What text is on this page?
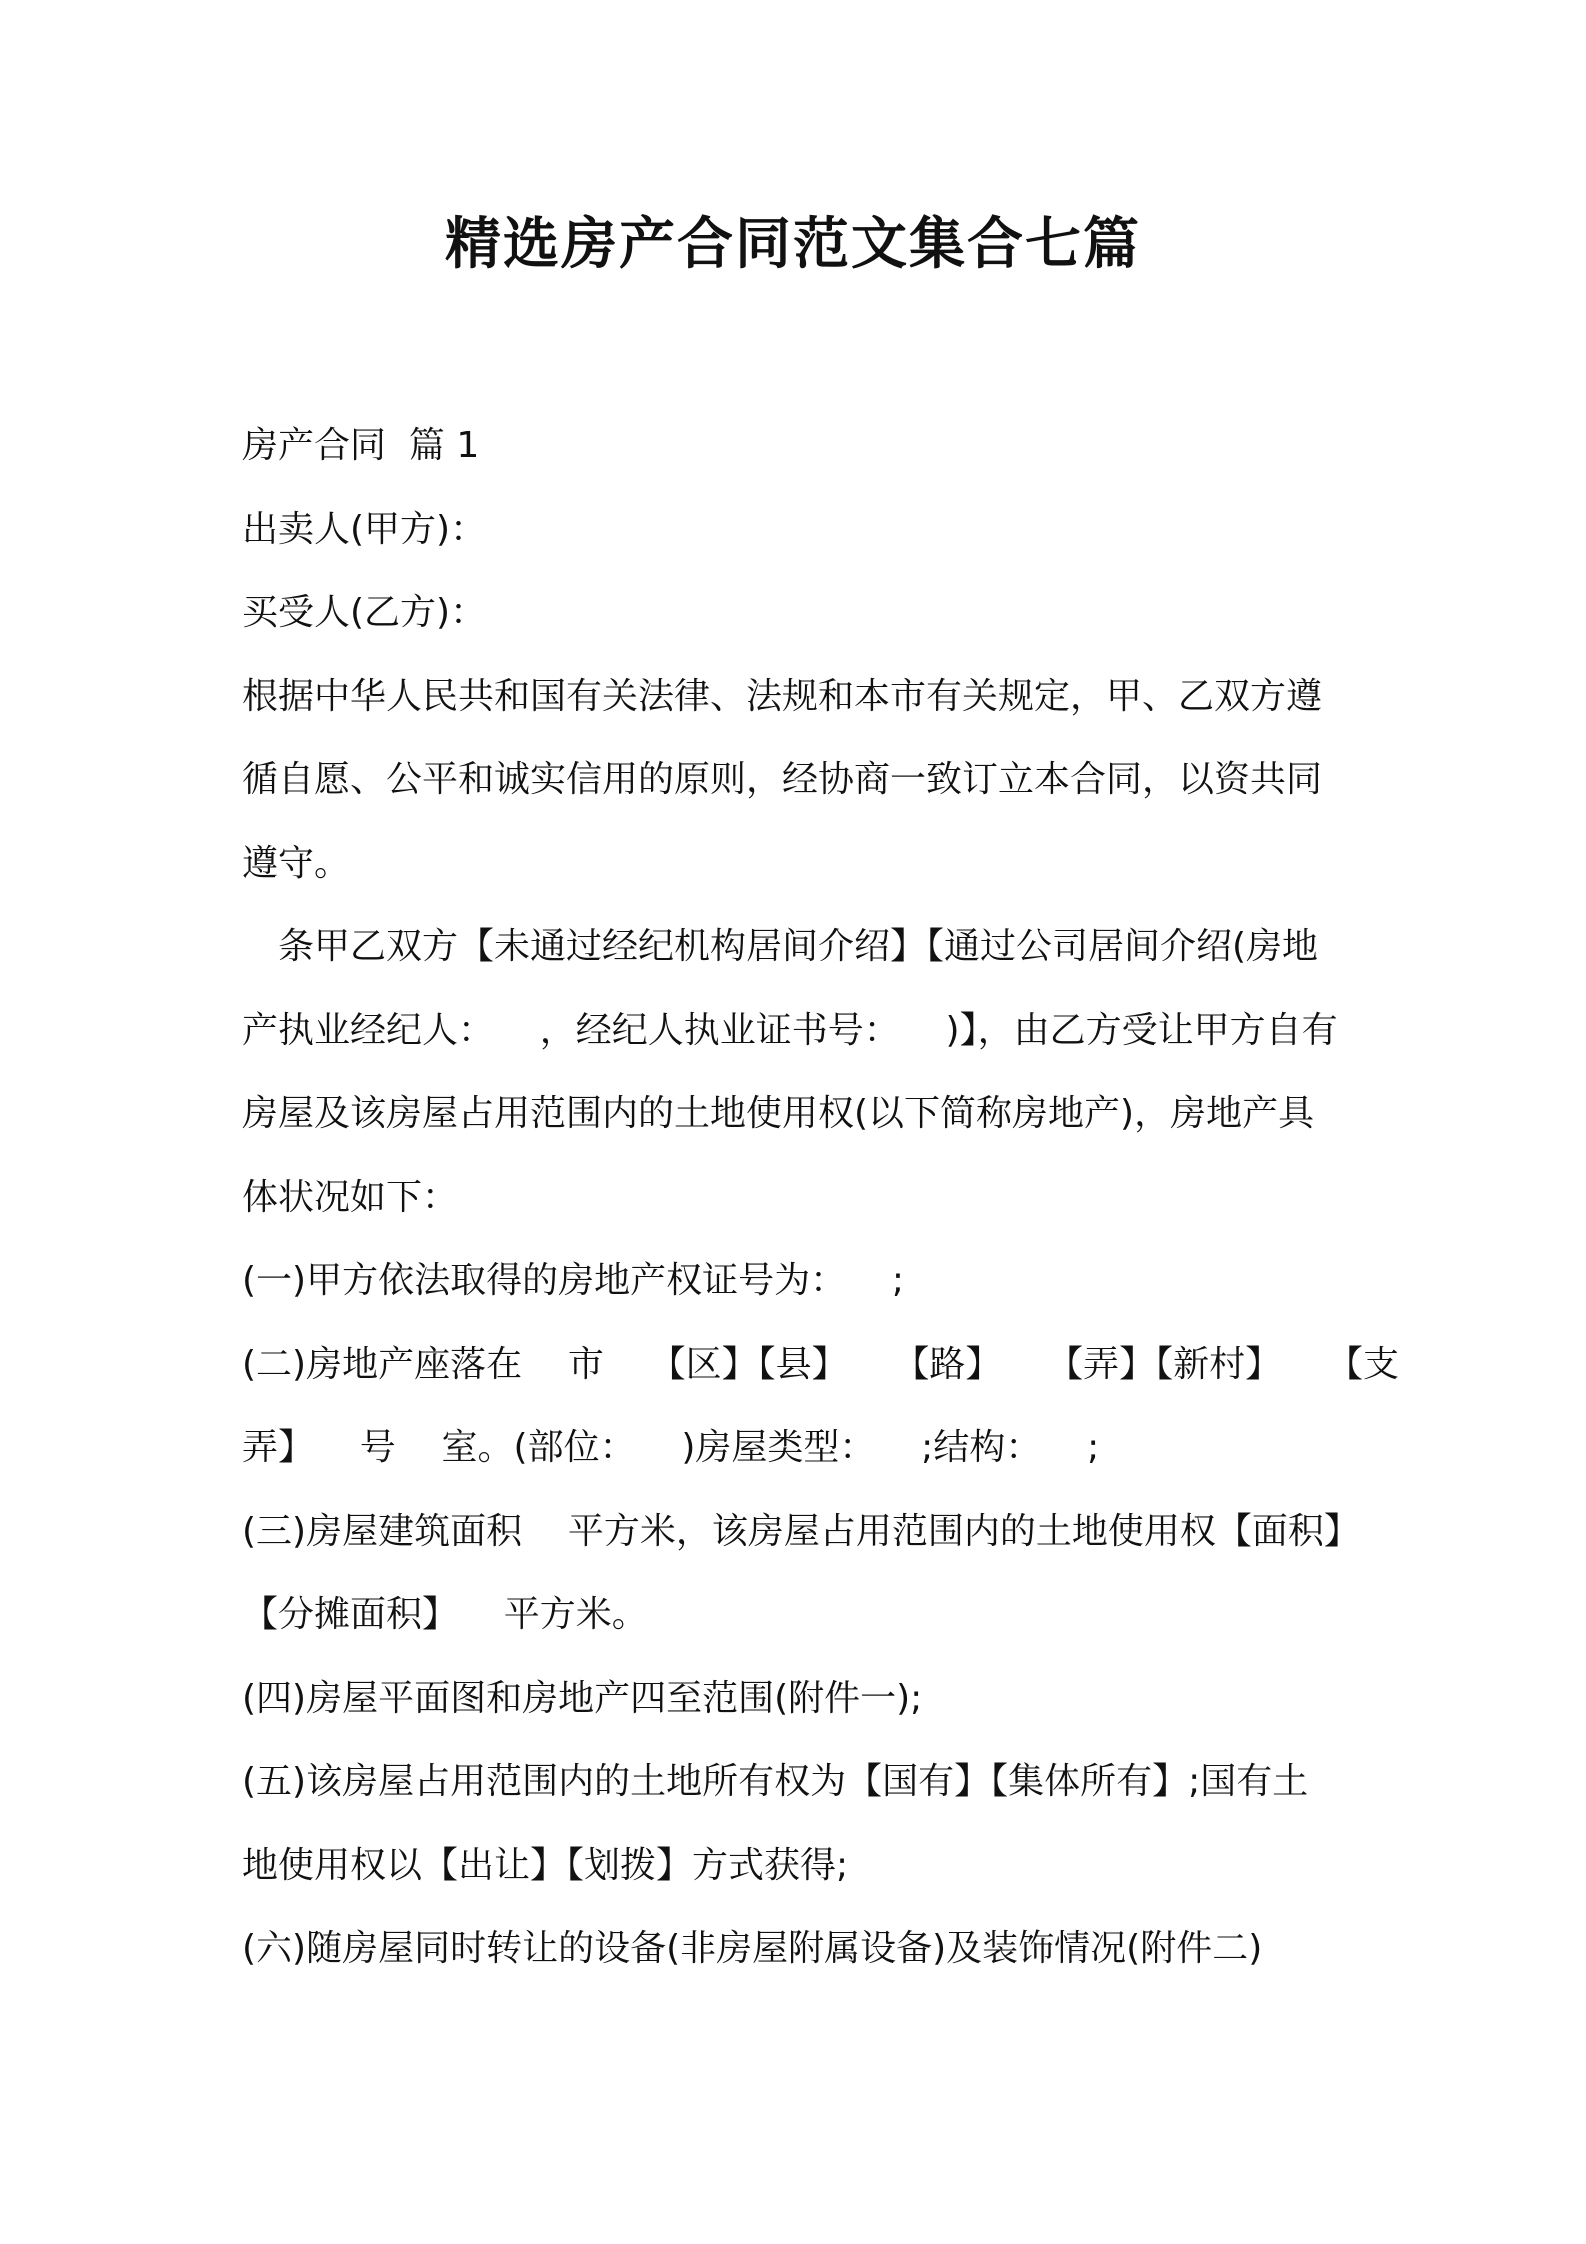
精选房产合同范文集合七篇
房产合同  篇 1
出卖人(甲方)：
买受人(乙方)：
根据中华人民共和国有关法律、法规和本市有关规定，甲、乙双方遵
循自愿、公平和诚实信用的原则，经协商一致订立本合同，以资共同
遵守。
条甲乙双方【未通过经纪机构居间介绍】【通过公司居间介绍(房地
产执业经纪人：    ，经纪人执业证书号：    )】，由乙方受让甲方自有
房屋及该房屋占用范围内的土地使用权(以下简称房地产)，房地产具
体状况如下：
(一)甲方依法取得的房地产权证号为：    ;
(二)房地产座落在    市    【区】【县】    【路】    【弄】【新村】    【支
弄】    号    室。(部位：    )房屋类型：    ;结构：    ;
(三)房屋建筑面积    平方米，该房屋占用范围内的土地使用权【面积】
【分摊面积】    平方米。
(四)房屋平面图和房地产四至范围(附件一);
(五)该房屋占用范围内的土地所有权为【国有】【集体所有】;国有土
地使用权以【出让】【划拨】方式获得;
(六)随房屋同时转让的设备(非房屋附属设备)及装饰情况(附件二)
